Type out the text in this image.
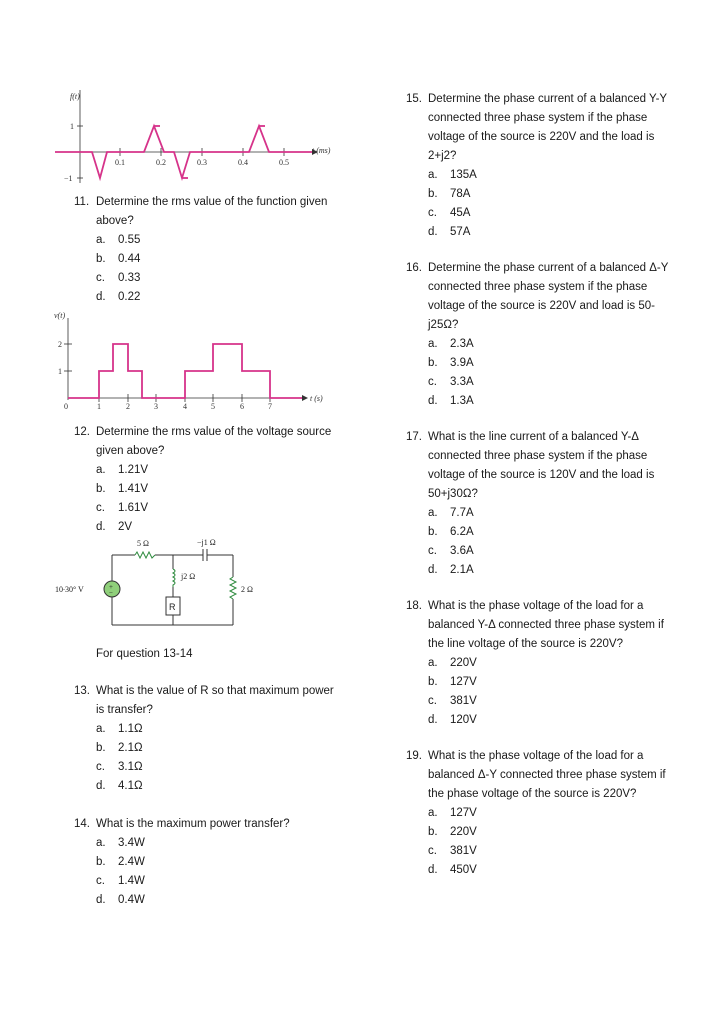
f(t)
1
−1
0.1	0.2	0.3	0.4	0.5
t (ms)
11. Determine the rms value of the function given above?
a. 0.55
b. 0.44
c. 0.33
d. 0.22
v(t)
2
1
0	1	2	3	4	5	6	7
t (s)
12. Determine the rms value of the voltage source given above?
a. 1.21V
b. 1.41V
c. 1.61V
d. 2V
R
+
−
10∙30° V
5 Ω	−j1 Ω
j2 Ω
2 Ω
For question 13-14
13. What is the value of R so that maximum power is transfer?
a. 1.1Ω
b. 2.1Ω
c. 3.1Ω
d. 4.1Ω
14. What is the maximum power transfer?
a. 3.4W
b. 2.4W
c. 1.4W
d. 0.4W
15. Determine the phase current of a balanced Y-Y connected three phase system if the phase voltage of the source is 220V and the load is 2+j2?
a. 135A
b. 78A
c. 45A
d. 57A
16. Determine the phase current of a balanced Δ-Y connected three phase system if the phase voltage of the source is 220V and load is 50-j25Ω?
a. 2.3A
b. 3.9A
c. 3.3A
d. 1.3A
17. What is the line current of a balanced Y-Δ connected three phase system if the phase voltage of the source is 120V and the load is 50+j30Ω?
a. 7.7A
b. 6.2A
c. 3.6A
d. 2.1A
18. What is the phase voltage of the load for a balanced Y-Δ connected three phase system if the line voltage of the source is 220V?
a. 220V
b. 127V
c. 381V
d. 120V
19. What is the phase voltage of the load for a balanced Δ-Y connected three phase system if the phase voltage of the source is 220V?
a. 127V
b. 220V
c. 381V
d. 450V
